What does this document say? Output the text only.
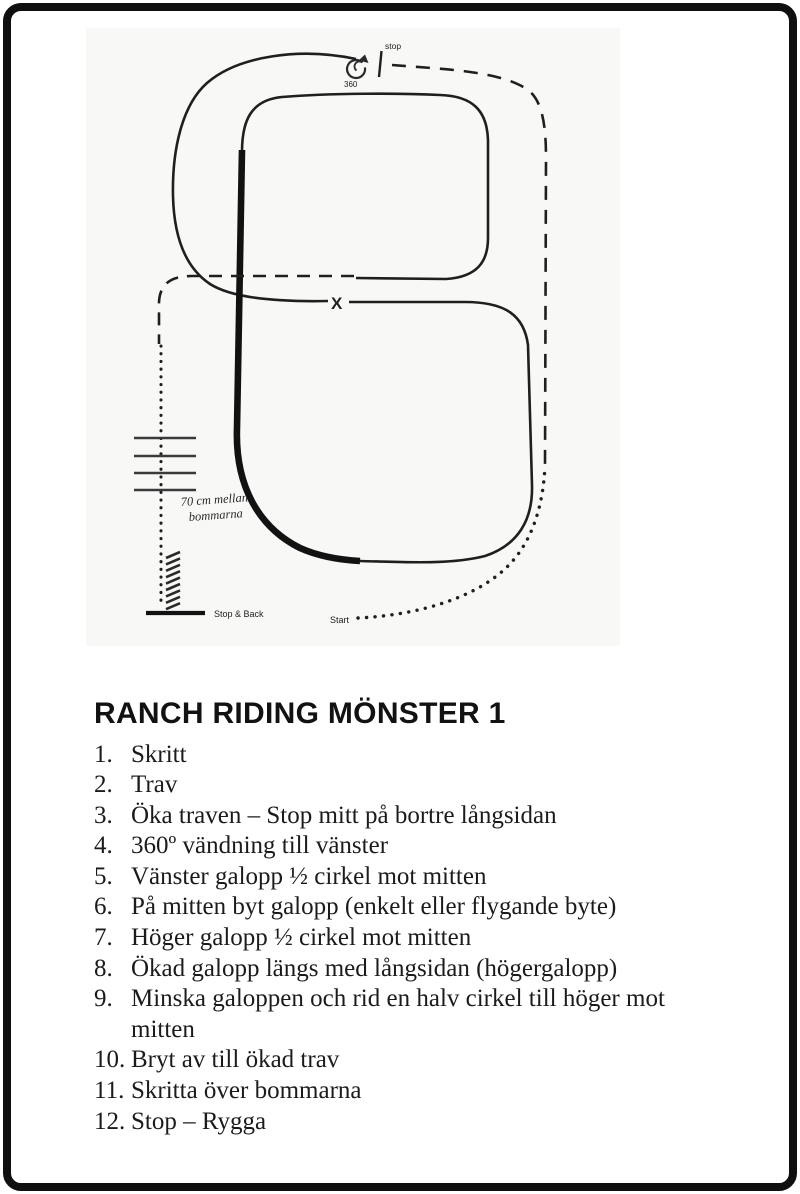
stop
360
X
70 cm mellan
bommarna
Stop & Back
Start
RANCH RIDING MÖNSTER 1
1. Skritt
2. Trav
3. Öka traven – Stop mitt på bortre långsidan
4. 360º vändning till vänster
5. Vänster galopp ½ cirkel mot mitten
6. På mitten byt galopp (enkelt eller flygande byte)
7. Höger galopp ½ cirkel mot mitten
8. Ökad galopp längs med långsidan (högergalopp)
9. Minska galoppen och rid en halv cirkel till höger mot mitten
10. Bryt av till ökad trav
11. Skritta över bommarna
12. Stop – Rygga
